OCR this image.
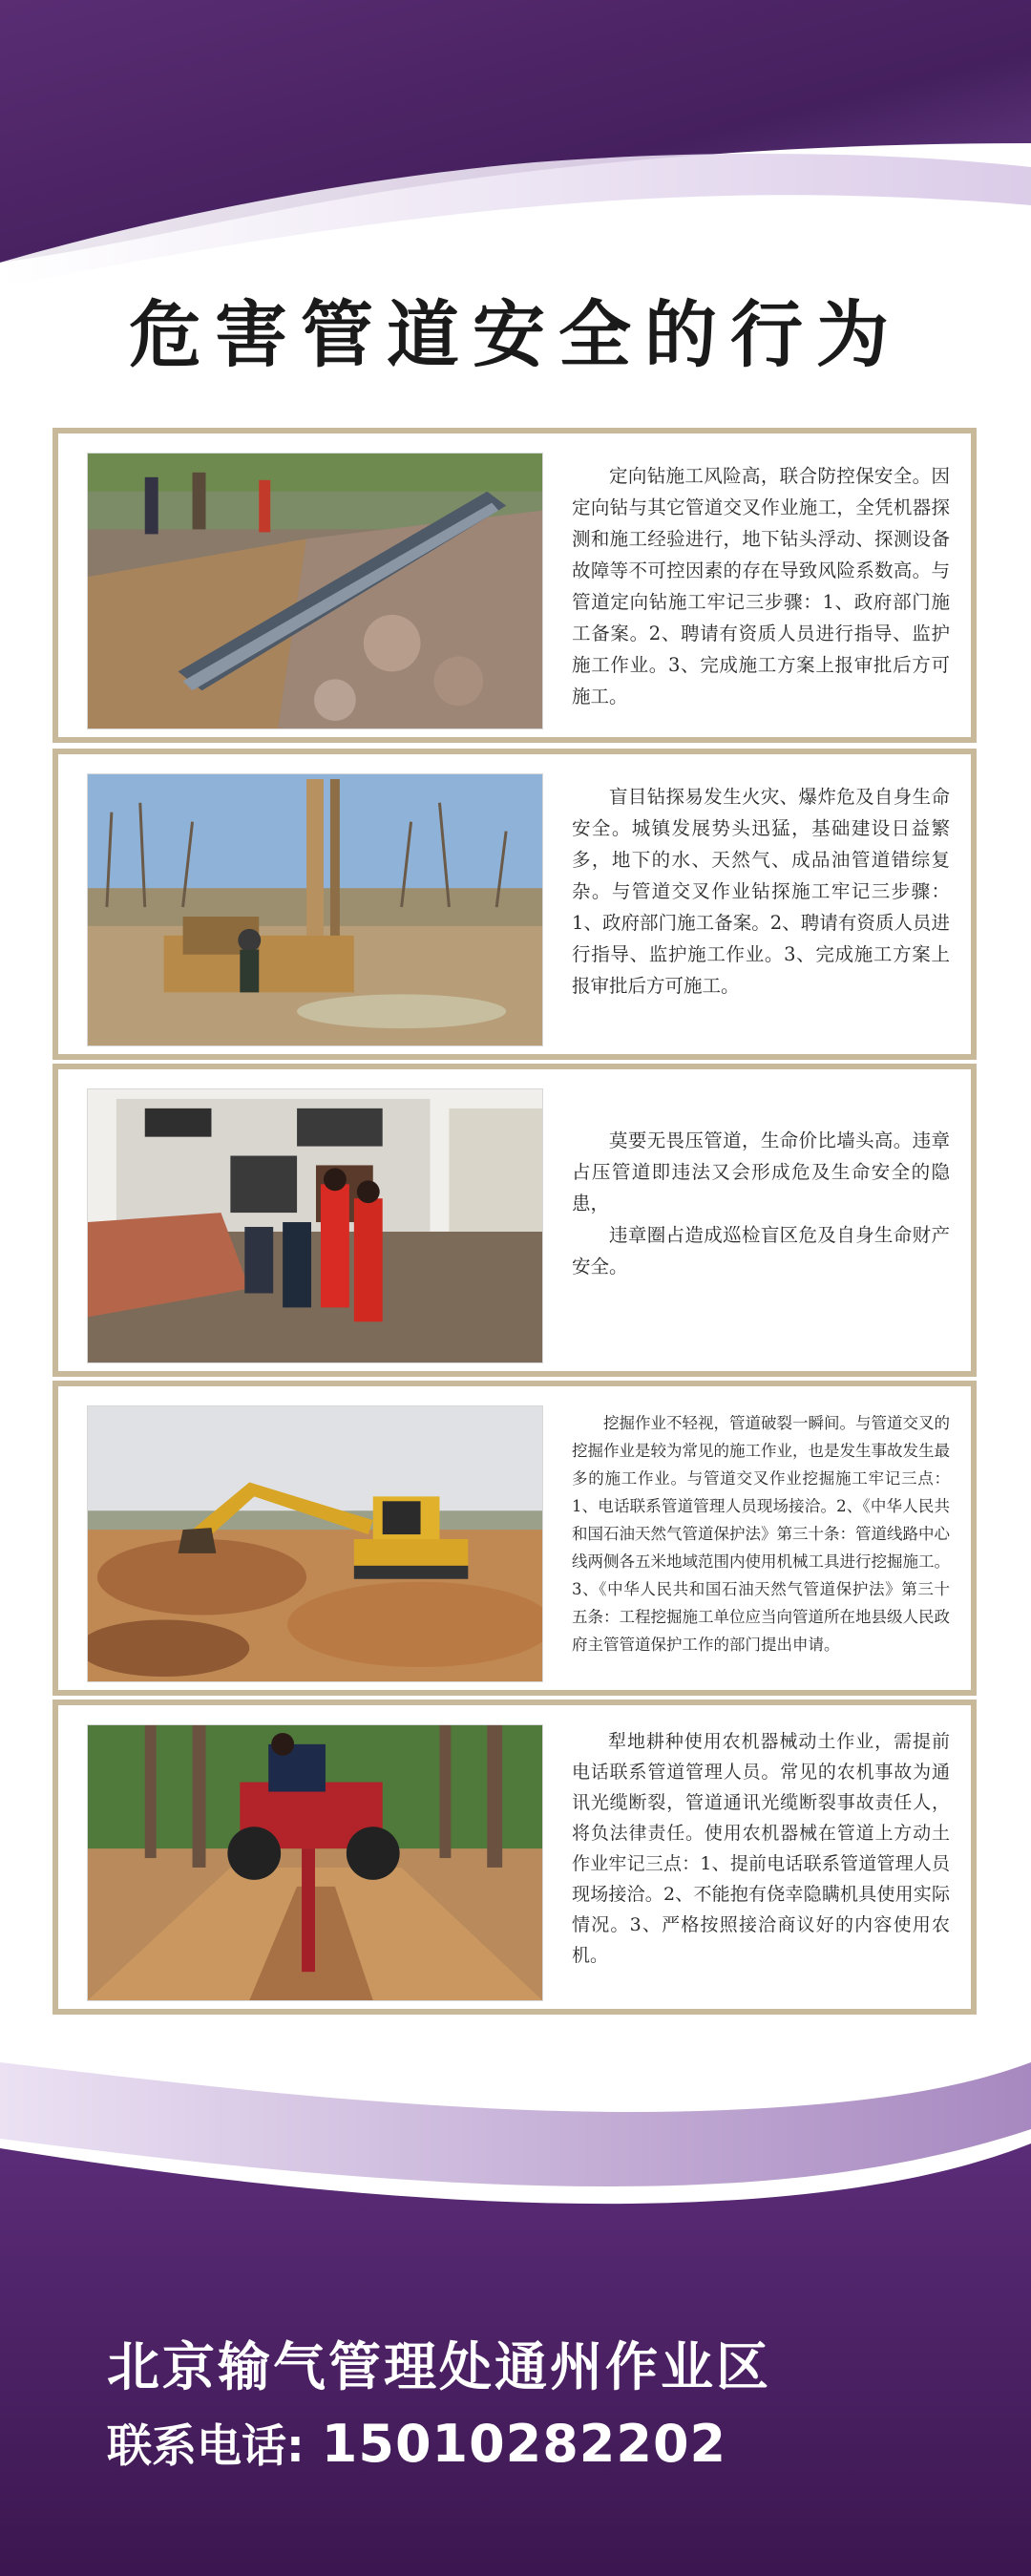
危害管道安全的行为

定向钻施工风险高，联合防控保安全。因定向钻与其它管道交叉作业施工，全凭机器探测和施工经验进行，地下钻头浮动、探测设备故障等不可控因素的存在导致风险系数高。与管道定向钻施工牢记三步骤：1、政府部门施工备案。2、聘请有资质人员进行指导、监护施工作业。3、完成施工方案上报审批后方可施工。

盲目钻探易发生火灾、爆炸危及自身生命安全。城镇发展势头迅猛，基础建设日益繁多，地下的水、天然气、成品油管道错综复杂。与管道交叉作业钻探施工牢记三步骤：1、政府部门施工备案。2、聘请有资质人员进行指导、监护施工作业。3、完成施工方案上报审批后方可施工。

莫要无畏压管道，生命价比墙头高。违章占压管道即违法又会形成危及生命安全的隐患，

违章圈占造成巡检盲区危及自身生命财产安全。

挖掘作业不轻视，管道破裂一瞬间。与管道交叉的挖掘作业是较为常见的施工作业，也是发生事故发生最多的施工作业。与管道交叉作业挖掘施工牢记三点：1、电话联系管道管理人员现场接洽。2、《中华人民共和国石油天然气管道保护法》第三十条：管道线路中心线两侧各五米地域范围内使用机械工具进行挖掘施工。3、《中华人民共和国石油天然气管道保护法》第三十五条：工程挖掘施工单位应当向管道所在地县级人民政府主管管道保护工作的部门提出申请。

犁地耕种使用农机器械动土作业，需提前电话联系管道管理人员。常见的农机事故为通讯光缆断裂，管道通讯光缆断裂事故责任人，将负法律责任。使用农机器械在管道上方动土作业牢记三点：1、提前电话联系管道管理人员现场接洽。2、不能抱有侥幸隐瞒机具使用实际情况。3、严格按照接洽商议好的内容使用农机。

北京输气管理处通州作业区
联系电话: 15010282202
